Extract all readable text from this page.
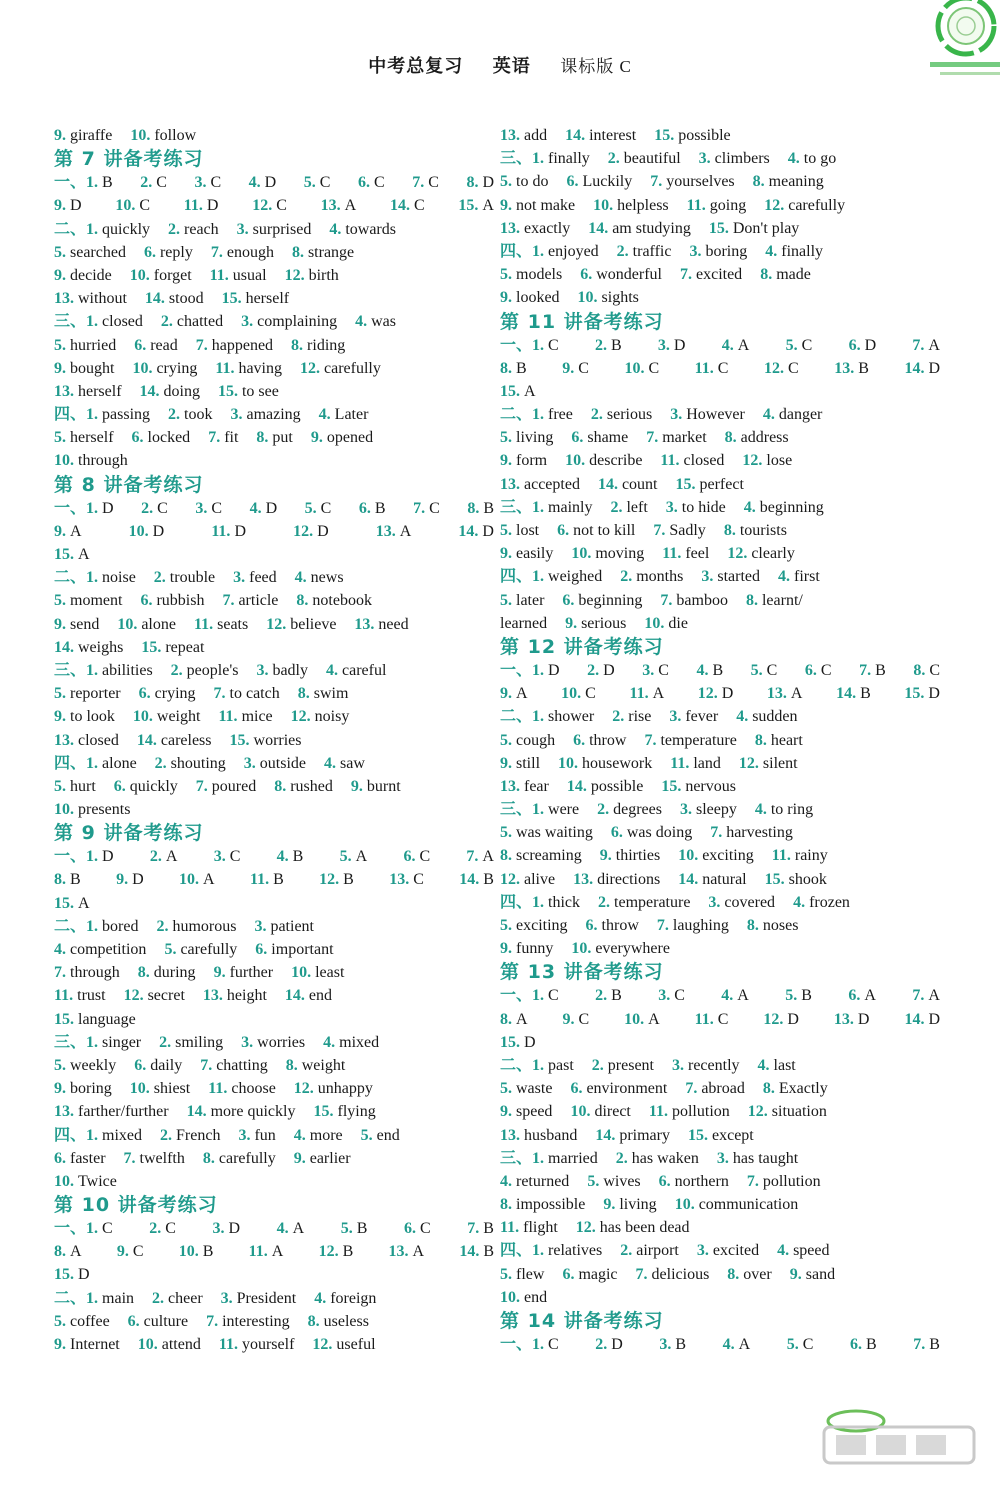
中考总复习 英语 课标版 C
9. giraffe 10. follow
第 7 讲备考练习
一、1. B 2. C 3. C 4. D 5. C 6. C 7. C 8. D
9. D 10. C 11. D 12. C 13. A 14. C 15. A
二、1. quickly 2. reach 3. surprised 4. towards
5. searched 6. reply 7. enough 8. strange
9. decide 10. forget 11. usual 12. birth
13. without 14. stood 15. herself
三、1. closed 2. chatted 3. complaining 4. was
5. hurried 6. read 7. happened 8. riding
9. bought 10. crying 11. having 12. carefully
13. herself 14. doing 15. to see
四、1. passing 2. took 3. amazing 4. Later
5. herself 6. locked 7. fit 8. put 9. opened
10. through
第 8 讲备考练习
一、1. D 2. C 3. C 4. D 5. C 6. B 7. C 8. B
9. A	10. D	11. D	12. D	13. A	14. D
15. A
二、1. noise 2. trouble 3. feed 4. news
5. moment 6. rubbish 7. article 8. notebook
9. send 10. alone 11. seats 12. believe 13. need
14. weighs 15. repeat
三、1. abilities 2. people's 3. badly 4. careful
5. reporter 6. crying 7. to catch 8. swim
9. to look 10. weight 11. mice 12. noisy
13. closed 14. careless 15. worries
四、1. alone 2. shouting 3. outside 4. saw
5. hurt 6. quickly 7. poured 8. rushed 9. burnt
10. presents
第 9 讲备考练习
一、1. D 2. A 3. C 4. B 5. A 6. C 7. A
8. B 9. D 10. A 11. B 12. B 13. C 14. B
15. A
二、1. bored 2. humorous 3. patient
4. competition 5. carefully 6. important
7. through 8. during 9. further 10. least
11. trust 12. secret 13. height 14. end
15. language
三、1. singer 2. smiling 3. worries 4. mixed
5. weekly 6. daily 7. chatting 8. weight
9. boring 10. shiest 11. choose 12. unhappy
13. farther/further 14. more quickly 15. flying
四、1. mixed 2. French 3. fun 4. more 5. end
6. faster 7. twelfth 8. carefully 9. earlier
10. Twice
第 10 讲备考练习
一、1. C 2. C 3. D 4. A 5. B 6. C 7. B
8. A 9. C 10. B 11. A 12. B 13. A 14. B
15. D
二、1. main 2. cheer 3. President 4. foreign
5. coffee 6. culture 7. interesting 8. useless
9. Internet 10. attend 11. yourself 12. useful
13. add 14. interest 15. possible
三、1. finally 2. beautiful 3. climbers 4. to go
5. to do 6. Luckily 7. yourselves 8. meaning
9. not make 10. helpless 11. going 12. carefully
13. exactly 14. am studying 15. Don't play
四、1. enjoyed 2. traffic 3. boring 4. finally
5. models 6. wonderful 7. excited 8. made
9. looked 10. sights
第 11 讲备考练习
一、1. C 2. B 3. D 4. A 5. C 6. D 7. A
8. B 9. C 10. C 11. C 12. C 13. B 14. D
15. A
二、1. free 2. serious 3. However 4. danger
5. living 6. shame 7. market 8. address
9. form 10. describe 11. closed 12. lose
13. accepted 14. count 15. perfect
三、1. mainly 2. left 3. to hide 4. beginning
5. lost 6. not to kill 7. Sadly 8. tourists
9. easily 10. moving 11. feel 12. clearly
四、1. weighed 2. months 3. started 4. first
5. later 6. beginning 7. bamboo 8. learnt/
learned 9. serious 10. die
第 12 讲备考练习
一、1. D 2. D 3. C 4. B 5. C 6. C 7. B 8. C
9. A 10. C 11. A 12. D 13. A 14. B 15. D
二、1. shower 2. rise 3. fever 4. sudden
5. cough 6. throw 7. temperature 8. heart
9. still 10. housework 11. land 12. silent
13. fear 14. possible 15. nervous
三、1. were 2. degrees 3. sleepy 4. to ring
5. was waiting 6. was doing 7. harvesting
8. screaming 9. thirties 10. exciting 11. rainy
12. alive 13. directions 14. natural 15. shook
四、1. thick 2. temperature 3. covered 4. frozen
5. exciting 6. throw 7. laughing 8. noses
9. funny 10. everywhere
第 13 讲备考练习
一、1. C 2. B 3. C 4. A 5. B 6. A 7. A
8. A 9. C 10. A 11. C 12. D 13. D 14. D
15. D
二、1. past 2. present 3. recently 4. last
5. waste 6. environment 7. abroad 8. Exactly
9. speed 10. direct 11. pollution 12. situation
13. husband 14. primary 15. except
三、1. married 2. has waken 3. has taught
4. returned 5. wives 6. northern 7. pollution
8. impossible 9. living 10. communication
11. flight 12. has been dead
四、1. relatives 2. airport 3. excited 4. speed
5. flew 6. magic 7. delicious 8. over 9. sand
10. end
第 14 讲备考练习
一、1. C 2. D 3. B 4. A 5. C 6. B 7. B
